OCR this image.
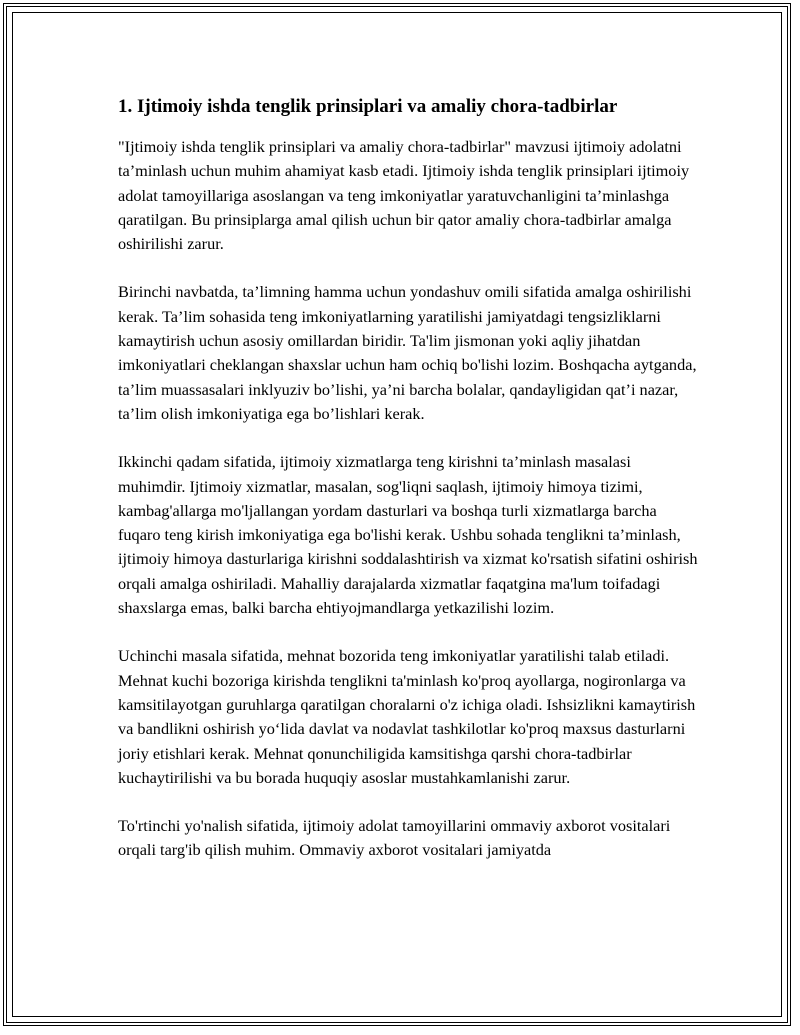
1. Ijtimoiy ishda tenglik prinsiplari va amaliy chora-tadbirlar

"Ijtimoiy ishda tenglik prinsiplari va amaliy chora-tadbirlar" mavzusi ijtimoiy adolatni ta’minlash uchun muhim ahamiyat kasb etadi. Ijtimoiy ishda tenglik prinsiplari ijtimoiy adolat tamoyillariga asoslangan va teng imkoniyatlar yaratuvchanligini ta’minlashga qaratilgan. Bu prinsiplarga amal qilish uchun bir qator amaliy chora-tadbirlar amalga oshirilishi zarur.

Birinchi navbatda, ta’limning hamma uchun yondashuv omili sifatida amalga oshirilishi kerak. Ta’lim sohasida teng imkoniyatlarning yaratilishi jamiyatdagi tengsizliklarni kamaytirish uchun asosiy omillardan biridir. Ta'lim jismonan yoki aqliy jihatdan imkoniyatlari cheklangan shaxslar uchun ham ochiq bo'lishi lozim. Boshqacha aytganda, ta’lim muassasalari inklyuziv bo’lishi, ya’ni barcha bolalar, qandayligidan qat’i nazar, ta’lim olish imkoniyatiga ega bo’lishlari kerak.

Ikkinchi qadam sifatida, ijtimoiy xizmatlarga teng kirishni ta’minlash masalasi muhimdir. Ijtimoiy xizmatlar, masalan, sog'liqni saqlash, ijtimoiy himoya tizimi, kambag'allarga mo'ljallangan yordam dasturlari va boshqa turli xizmatlarga barcha fuqaro teng kirish imkoniyatiga ega bo'lishi kerak. Ushbu sohada tenglikni ta’minlash, ijtimoiy himoya dasturlariga kirishni soddalashtirish va xizmat ko'rsatish sifatini oshirish orqali amalga oshiriladi. Mahalliy darajalarda xizmatlar faqatgina ma'lum toifadagi shaxslarga emas, balki barcha ehtiyojmandlarga yetkazilishi lozim.

Uchinchi masala sifatida, mehnat bozorida teng imkoniyatlar yaratilishi talab etiladi. Mehnat kuchi bozoriga kirishda tenglikni ta'minlash ko'proq ayollarga, nogironlarga va kamsitilayotgan guruhlarga qaratilgan choralarni o'z ichiga oladi. Ishsizlikni kamaytirish va bandlikni oshirish yo‘lida davlat va nodavlat tashkilotlar ko'proq maxsus dasturlarni joriy etishlari kerak. Mehnat qonunchiligida kamsitishga qarshi chora-tadbirlar kuchaytirilishi va bu borada huquqiy asoslar mustahkamlanishi zarur.

To'rtinchi yo'nalish sifatida, ijtimoiy adolat tamoyillarini ommaviy axborot vositalari orqali targ'ib qilish muhim. Ommaviy axborot vositalari jamiyatda
